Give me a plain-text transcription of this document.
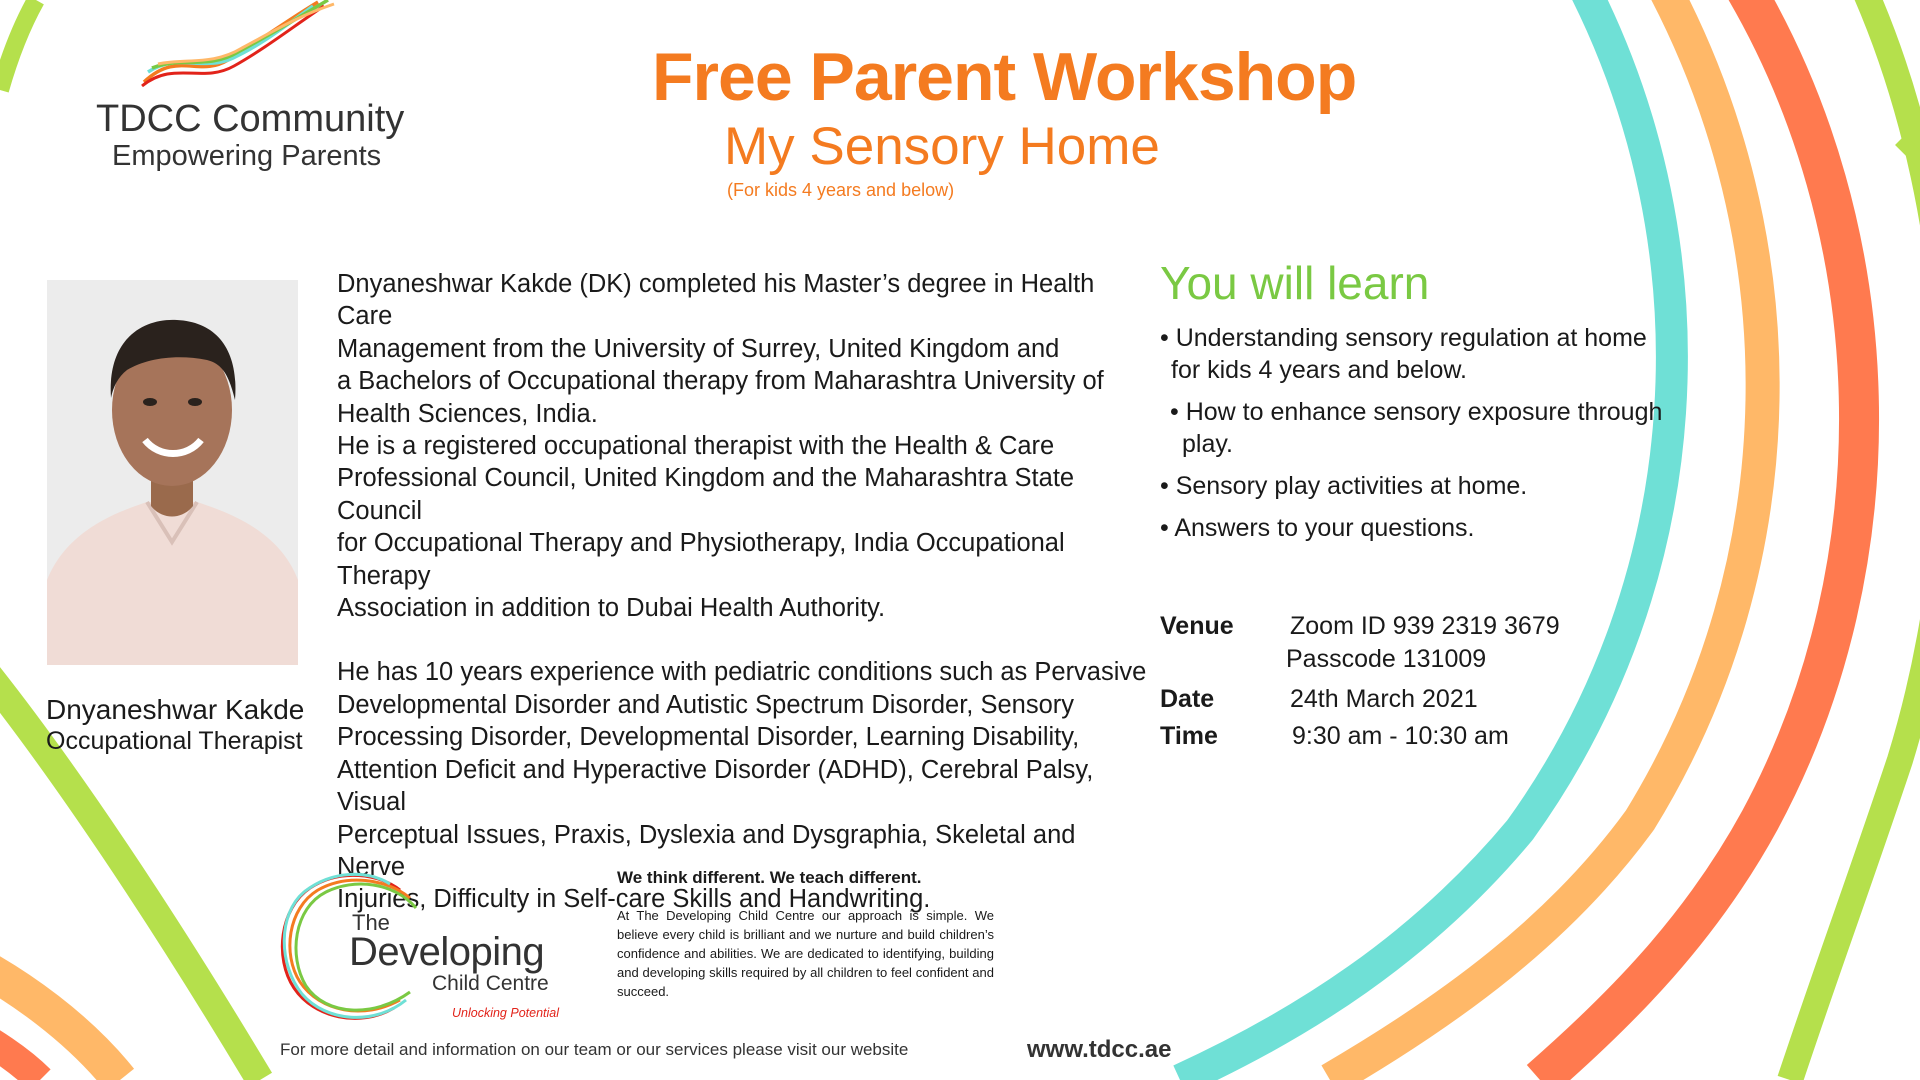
TDCC Community
Empowering Parents
Free Parent Workshop
My Sensory Home
(For kids 4 years and below)
Dnyaneshwar Kakde
Occupational Therapist

Dnyaneshwar Kakde (DK) completed his Master’s degree in Health Care

Management from the University of Surrey, United Kingdom and

a Bachelors of Occupational therapy from Maharashtra University of

Health Sciences, India.

He is a registered occupational therapist with the Health & Care

Professional Council, United Kingdom and the Maharashtra State Council

for Occupational Therapy and Physiotherapy, India Occupational Therapy

Association in addition to Dubai Health Authority.

He has 10 years experience with pediatric conditions such as Pervasive

Developmental Disorder and Autistic Spectrum Disorder, Sensory

Processing Disorder, Developmental Disorder, Learning Disability,

Attention Deficit and Hyperactive Disorder (ADHD), Cerebral Palsy, Visual

Perceptual Issues, Praxis, Dyslexia and Dysgraphia, Skeletal and Nerve

Injuries, Difficulty in Self-care Skills and Handwriting.

You will learn
• Understanding sensory regulation at home
for kids 4 years and below.
• How to enhance sensory exposure through
play.
• Sensory play activities at home.
• Answers to your questions.
Venue Zoom ID 939 2319 3679
Passcode 131009
Date	24th March 2021
Time	9:30 am - 10:30 am
The
Developing
Child Centre
Unlocking Potential
We think different. We teach different.
At The Developing Child Centre our approach is simple. We believe every child is brilliant and we nurture and build children’s confidence and abilities. We are dedicated to identifying, building and developing skills required by all children to feel confident and succeed.
For more detail and information on our team or our services please visit our website	www.tdcc.ae
